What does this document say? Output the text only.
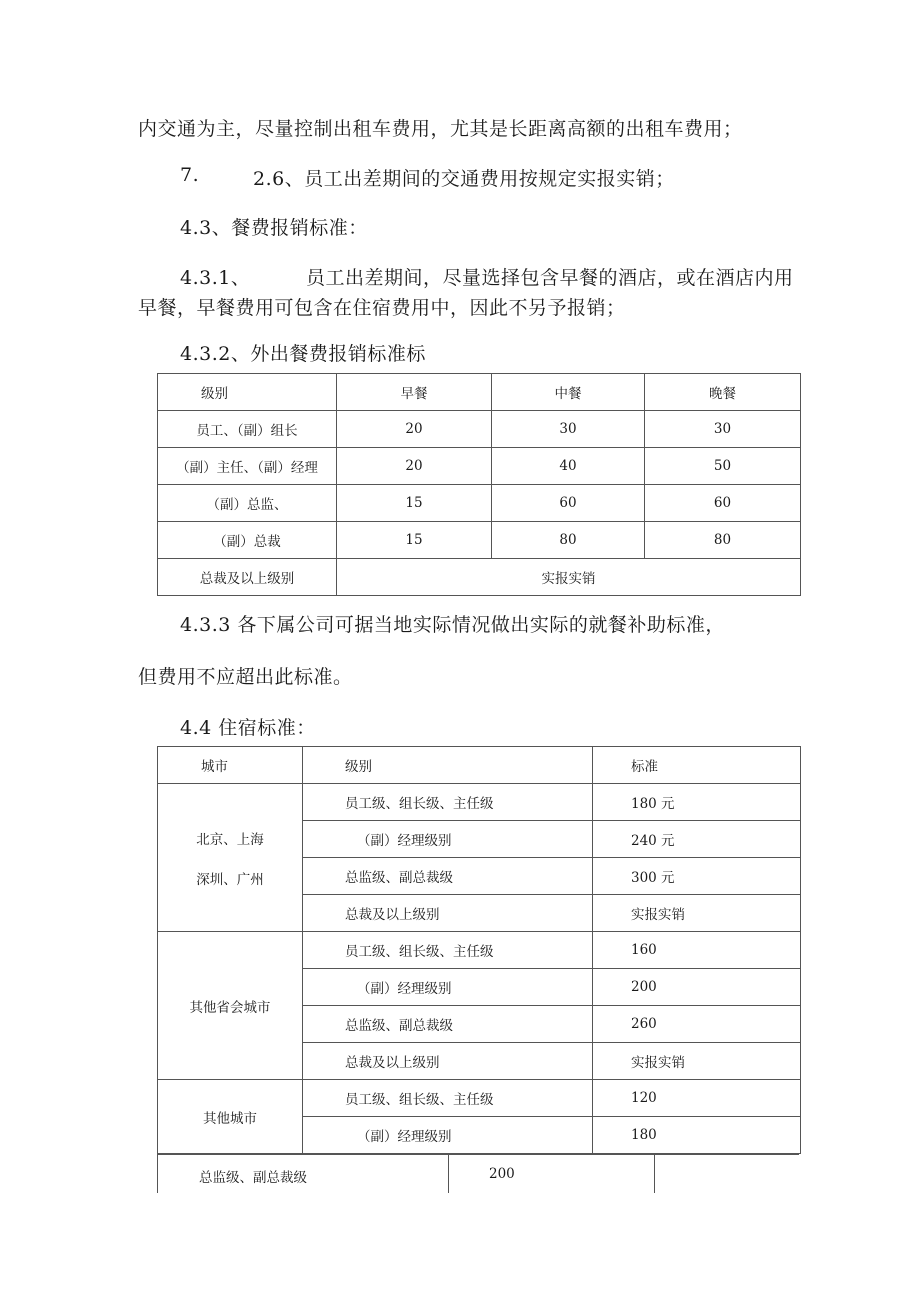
内交通为主，尽量控制出租车费用，尤其是长距离高额的出租车费用；
7.	2.6、员工出差期间的交通费用按规定实报实销；
4.3、餐费报销标准：
4.3.1、	员工出差期间，尽量选择包含早餐的酒店，或在酒店内用
早餐，早餐费用可包含在住宿费用中，因此不另予报销；
4.3.2、外出餐费报销标准标
级别	早餐	中餐	晚餐
员工、（副）组长	20	30	30
（副）主任、（副）经理	20	40	50
（副）总监、	15	60	60
（副）总裁	15	80	80
总裁及以上级别	实报实销		
4.3.3 各下属公司可据当地实际情况做出实际的就餐补助标准，
但费用不应超出此标准。
4.4 住宿标准：
城市	级别	标准

北京、上海
深圳、广州	员工级、组长级、主任级	180 元
	（副）经理级别	240 元
	总监级、副总裁级	300 元
	总裁及以上级别	实报实销
其他省会城市	员工级、组长级、主任级	160
	（副）经理级别	200
	总监级、副总裁级	260
	总裁及以上级别	实报实销
其他城市	员工级、组长级、主任级	120
	（副）经理级别	180
总监级、副总裁级	200
